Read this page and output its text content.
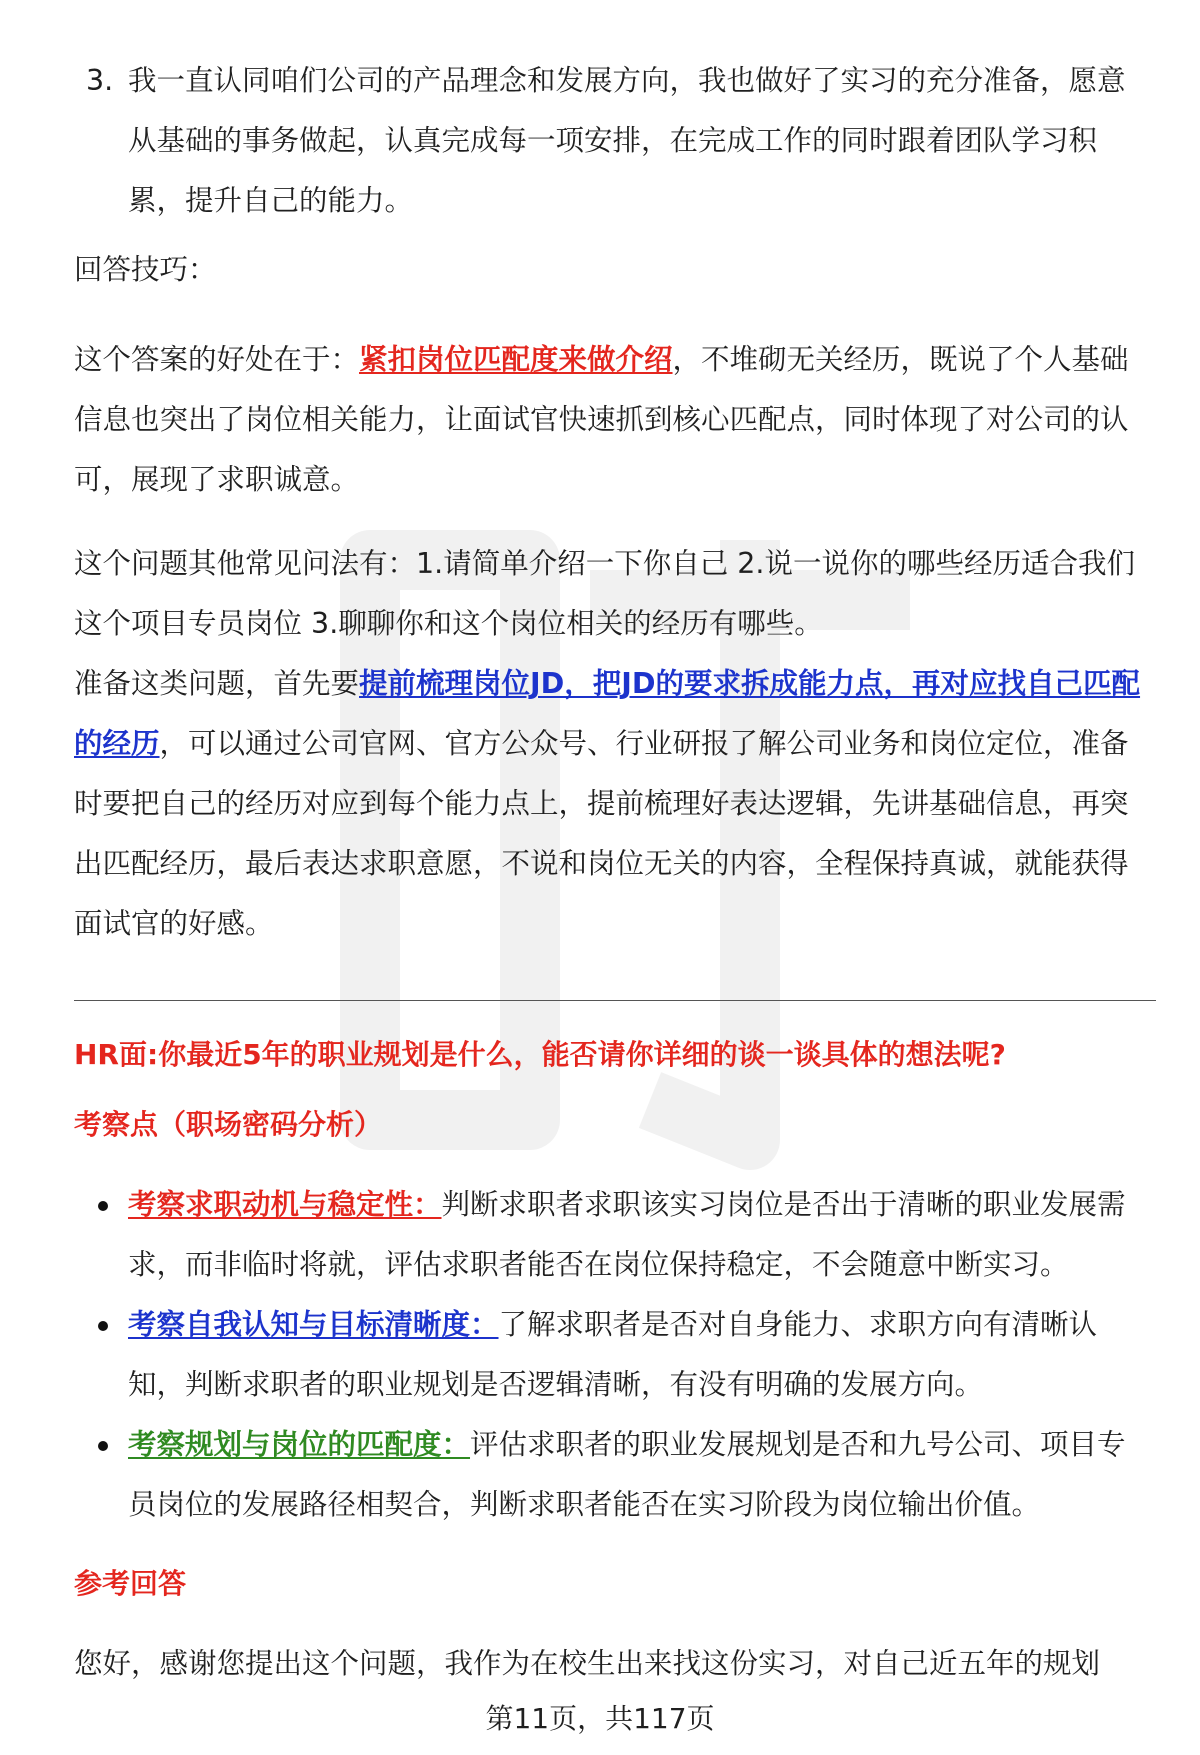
3. 我一直认同咱们公司的产品理念和发展方向，我也做好了实习的充分准备，愿意从基础的事务做起，认真完成每一项安排，在完成工作的同时跟着团队学习积累，提升自己的能力。

回答技巧：

这个答案的好处在于：紧扣岗位匹配度来做介绍，不堆砌无关经历，既说了个人基础信息也突出了岗位相关能力，让面试官快速抓到核心匹配点，同时体现了对公司的认可，展现了求职诚意。

这个问题其他常见问法有：1.请简单介绍一下你自己 2.说一说你的哪些经历适合我们这个项目专员岗位 3.聊聊你和这个岗位相关的经历有哪些。

准备这类问题，首先要提前梳理岗位JD，把JD的要求拆成能力点，再对应找自己匹配的经历，可以通过公司官网、官方公众号、行业研报了解公司业务和岗位定位，准备时要把自己的经历对应到每个能力点上，提前梳理好表达逻辑，先讲基础信息，再突出匹配经历，最后表达求职意愿，不说和岗位无关的内容，全程保持真诚，就能获得面试官的好感。

HR面:你最近5年的职业规划是什么，能否请你详细的谈一谈具体的想法呢?
考察点（职场密码分析）
考察求职动机与稳定性：判断求职者求职该实习岗位是否出于清晰的职业发展需求，而非临时将就，评估求职者能否在岗位保持稳定，不会随意中断实习。
考察自我认知与目标清晰度：了解求职者是否对自身能力、求职方向有清晰认知，判断求职者的职业规划是否逻辑清晰，有没有明确的发展方向。
考察规划与岗位的匹配度：评估求职者的职业发展规划是否和九号公司、项目专员岗位的发展路径相契合，判断求职者能否在实习阶段为岗位输出价值。
参考回答

您好，感谢您提出这个问题，我作为在校生出来找这份实习，对自己近五年的规划

第11页，共117页
